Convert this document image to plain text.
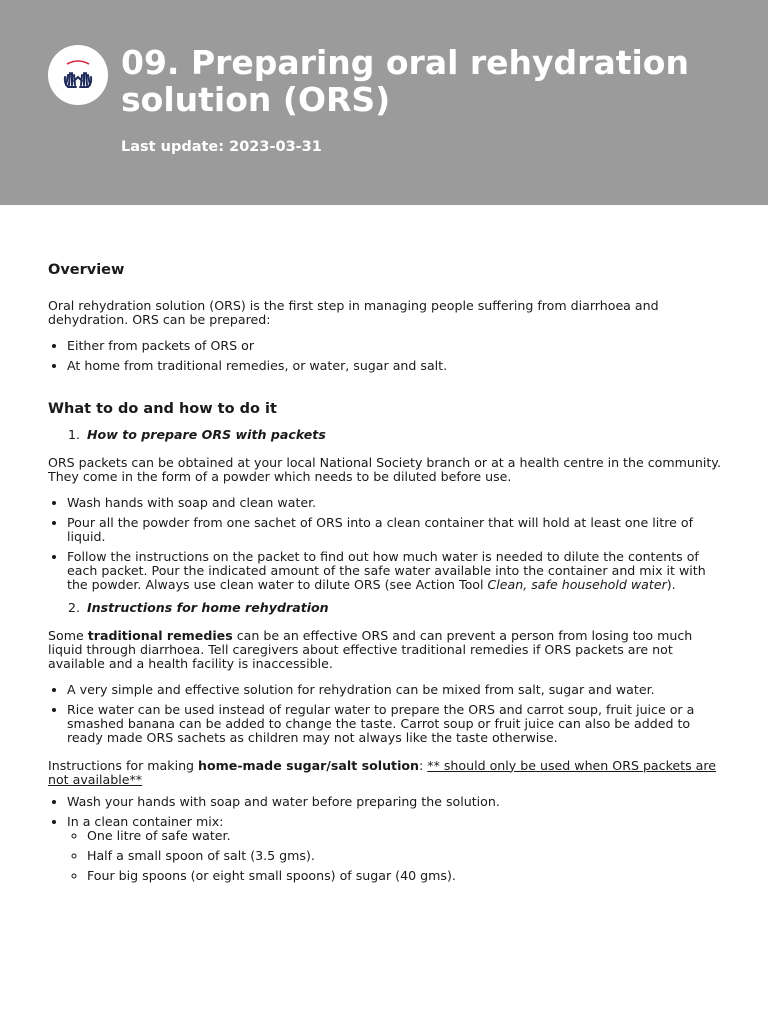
09. Preparing oral rehydration solution (ORS)
Last update: 2023-03-31
Overview

Oral rehydration solution (ORS) is the first step in managing people suffering from diarrhoea and dehydration. ORS can be prepared:

• Either from packets of ORS or
• At home from traditional remedies, or water, sugar and salt.
What to do and how to do it
1. How to prepare ORS with packets

ORS packets can be obtained at your local National Society branch or at a health centre in the community. They come in the form of a powder which needs to be diluted before use.

• Wash hands with soap and clean water.
• Pour all the powder from one sachet of ORS into a clean container that will hold at least one litre of liquid.
• Follow the instructions on the packet to find out how much water is needed to dilute the contents of each packet. Pour the indicated amount of the safe water available into the container and mix it with the powder. Always use clean water to dilute ORS (see Action Tool Clean, safe household water).
2. Instructions for home rehydration

Some traditional remedies can be an effective ORS and can prevent a person from losing too much liquid through diarrhoea. Tell caregivers about effective traditional remedies if ORS packets are not available and a health facility is inaccessible.

• A very simple and effective solution for rehydration can be mixed from salt, sugar and water.
• Rice water can be used instead of regular water to prepare the ORS and carrot soup, fruit juice or a smashed banana can be added to change the taste. Carrot soup or fruit juice can also be added to ready made ORS sachets as children may not always like the taste otherwise.

Instructions for making home-made sugar/salt solution: ** should only be used when ORS packets are not available**

• Wash your hands with soap and water before preparing the solution.
• In a clean container mix:
◦ One litre of safe water.
◦ Half a small spoon of salt (3.5 gms).
◦ Four big spoons (or eight small spoons) of sugar (40 gms).
